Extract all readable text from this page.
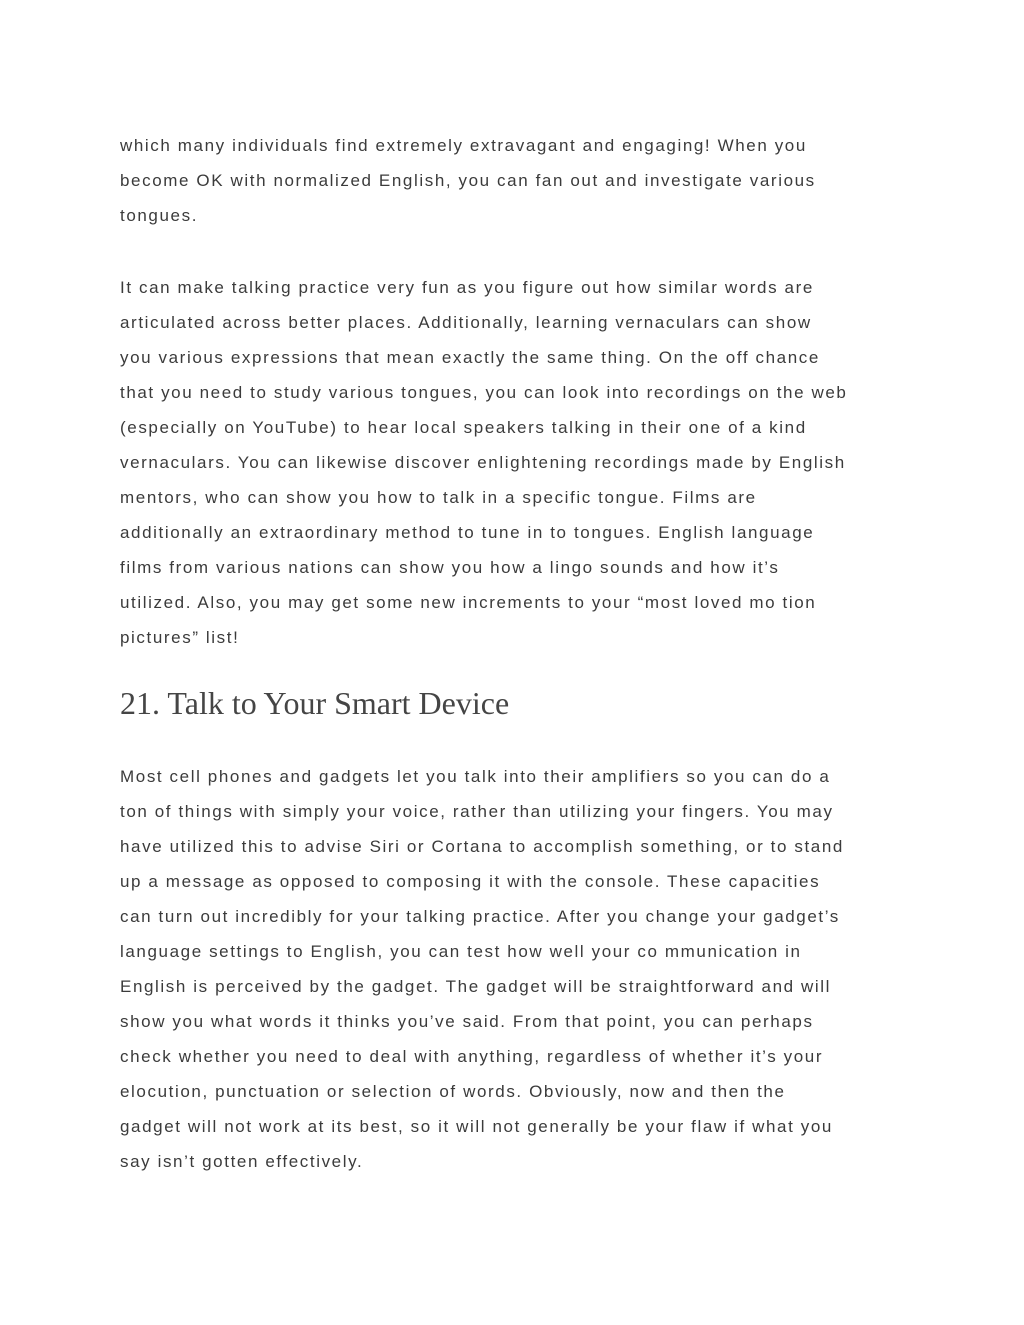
which many individuals find extremely extravagant and engaging! When you
become OK with normalized English, you can fan out and investigate various
tongues.

It can make talking practice very fun as you figure out how similar words are
articulated across better places. Additionally, learning vernaculars can show
you various expressions that mean exactly the same thing. On the off chance
that you need to study various tongues, you can look into recordings on the web
(especially on YouTube) to hear local speakers talking in their one of a kind
vernaculars. You can likewise discover enlightening recordings made by English
mentors, who can show you how to talk in a specific tongue. Films are
additionally an extraordinary method to tune in to tongues. English language
films from various nations can show you how a lingo sounds and how it’s
utilized. Also, you may get some new increments to your “most loved mo tion
pictures” list!

21. Talk to Your Smart Device

Most cell phones and gadgets let you talk into their amplifiers so you can do a
ton of things with simply your voice, rather than utilizing your fingers. You may
have utilized this to advise Siri or Cortana to accomplish something, or to stand
up a message as opposed to composing it with the console. These capacities
can turn out incredibly for your talking practice. After you change your gadget’s
language settings to English, you can test how well your co mmunication in
English is perceived by the gadget. The gadget will be straightforward and will
show you what words it thinks you’ve said. From that point, you can perhaps
check whether you need to deal with anything, regardless of whether it’s your
elocution, punctuation or selection of words. Obviously, now and then the
gadget will not work at its best, so it will not generally be your flaw if what you
say isn’t gotten effectively.
